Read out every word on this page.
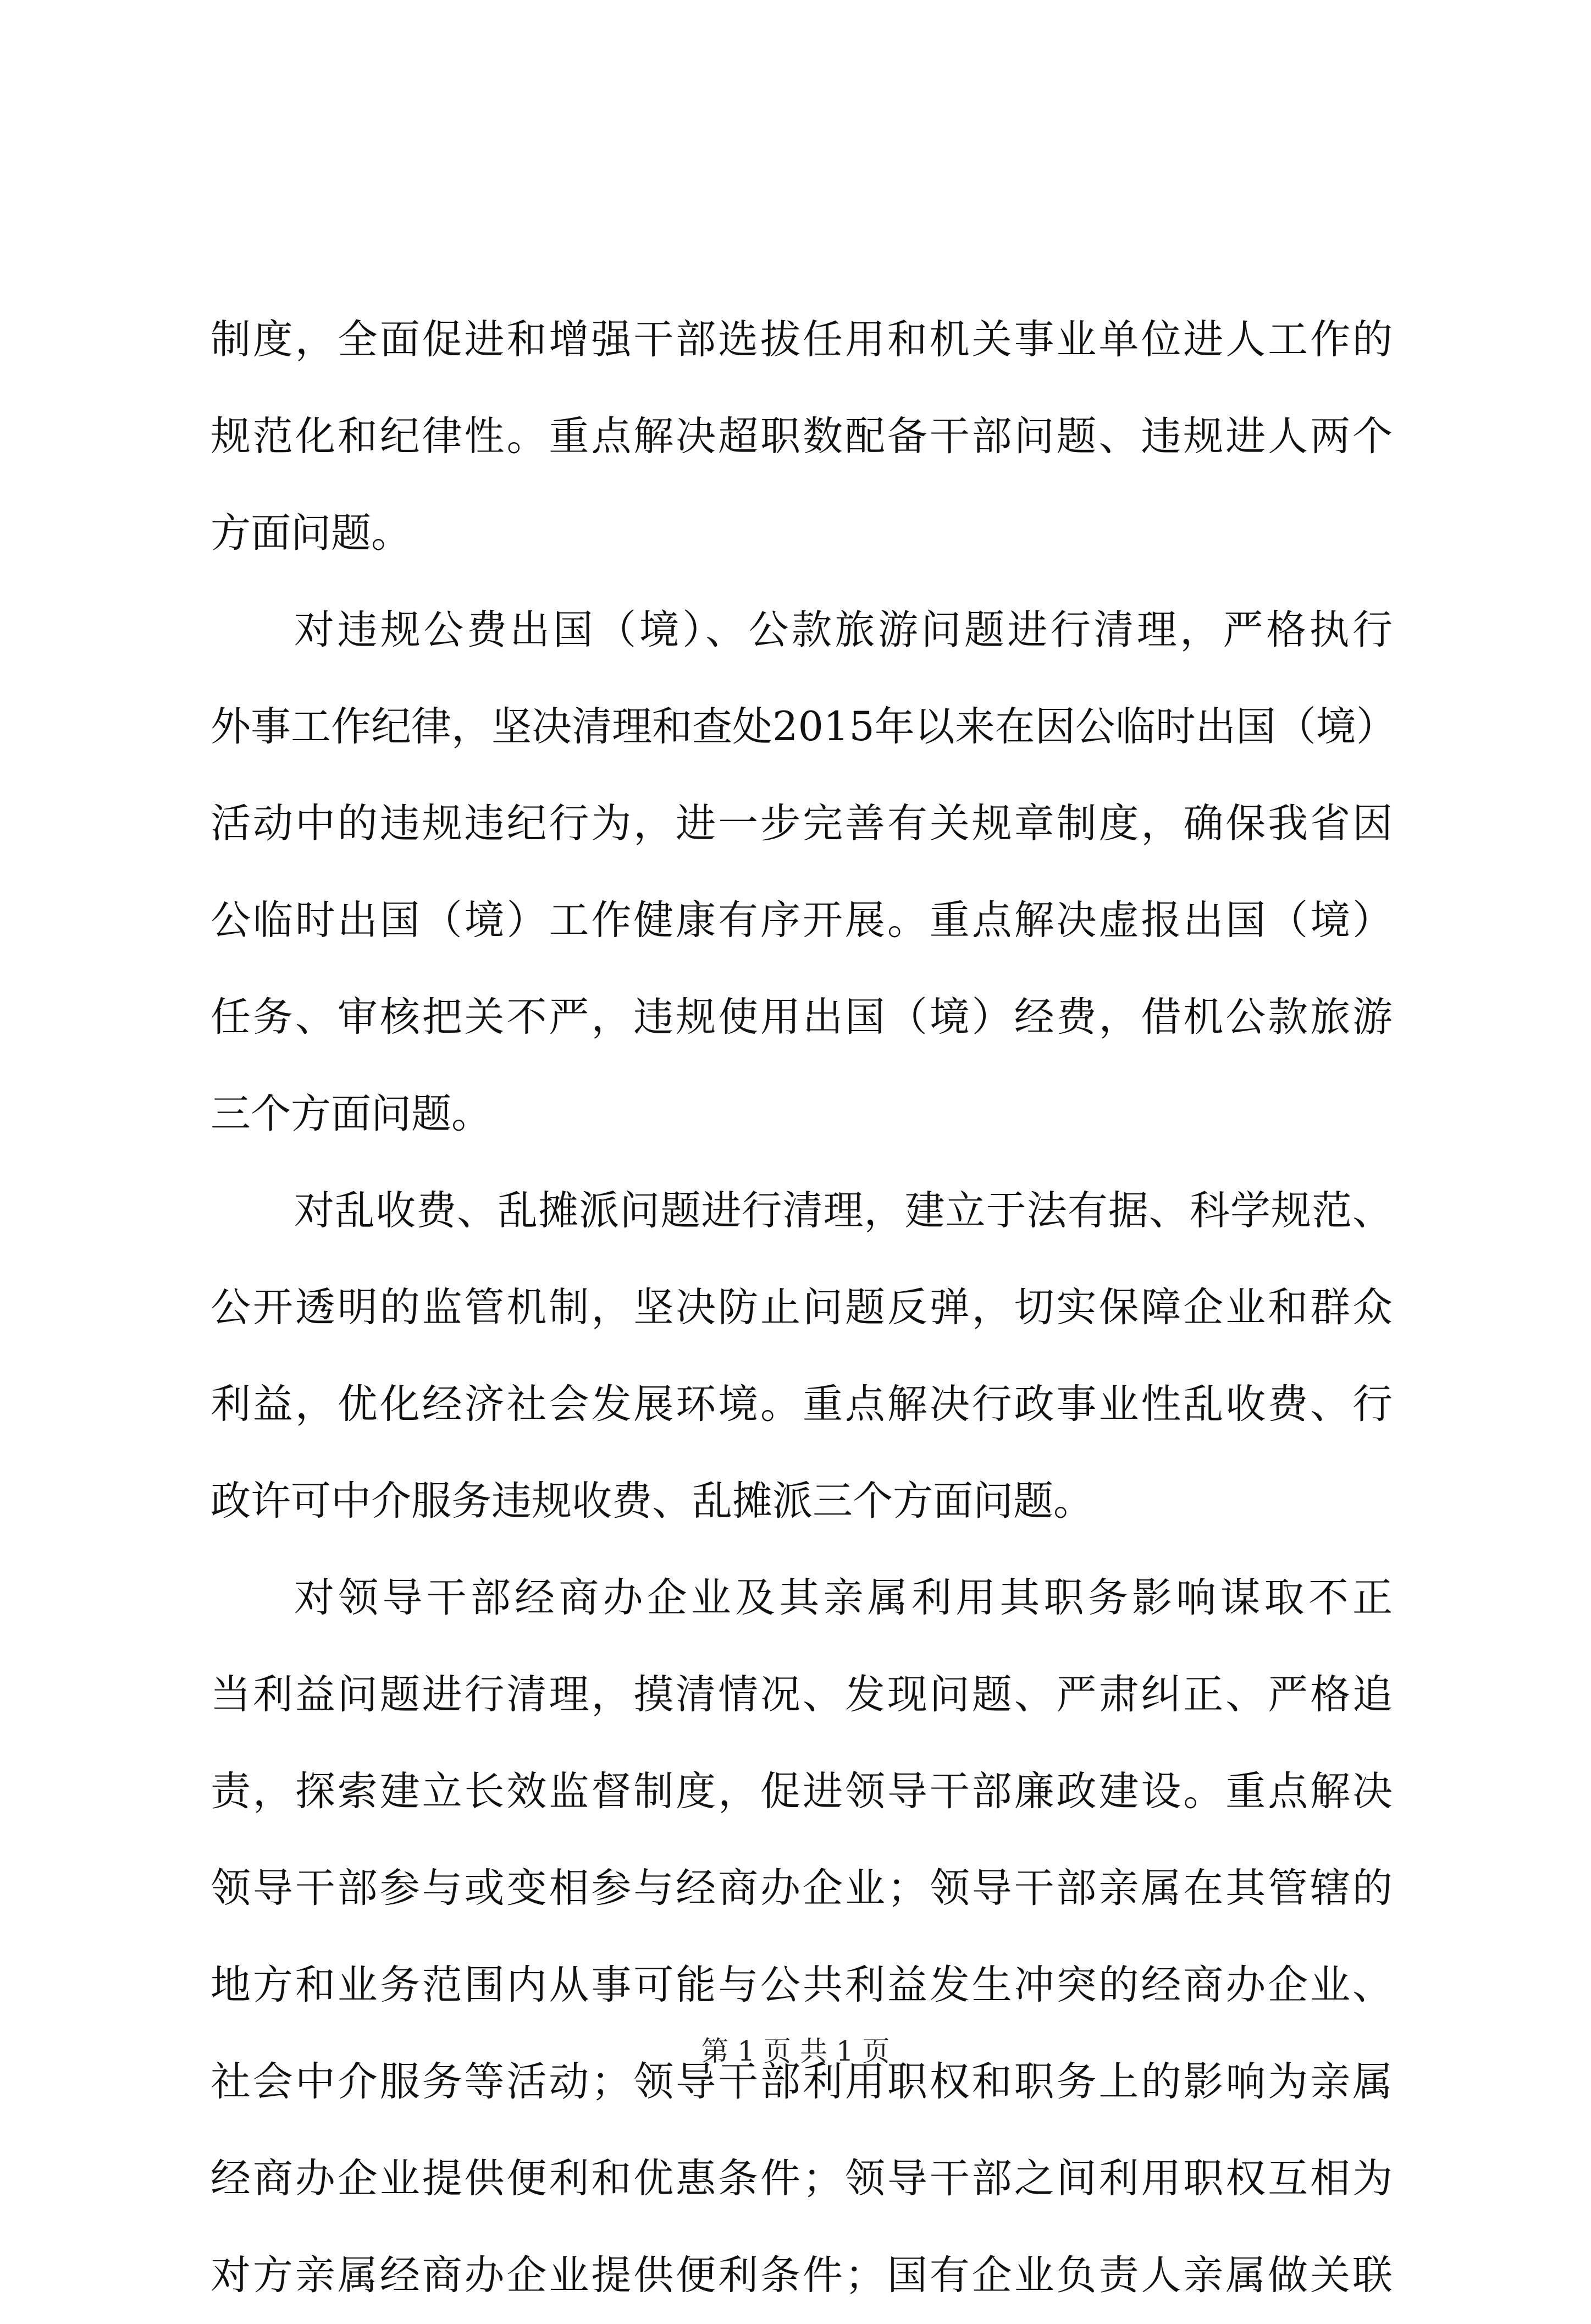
制度，全面促进和增强干部选拔任用和机关事业单位进人工作的
规范化和纪律性。重点解决超职数配备干部问题、违规进人两个
方面问题。
对违规公费出国（境）、公款旅游问题进行清理，严格执行
外事工作纪律，坚决清理和查处2015年以来在因公临时出国（境）
活动中的违规违纪行为，进一步完善有关规章制度，确保我省因
公临时出国（境）工作健康有序开展。重点解决虚报出国（境）
任务、审核把关不严，违规使用出国（境）经费，借机公款旅游
三个方面问题。
对乱收费、乱摊派问题进行清理，建立于法有据、科学规范、
公开透明的监管机制，坚决防止问题反弹，切实保障企业和群众
利益，优化经济社会发展环境。重点解决行政事业性乱收费、行
政许可中介服务违规收费、乱摊派三个方面问题。
对领导干部经商办企业及其亲属利用其职务影响谋取不正
当利益问题进行清理，摸清情况、发现问题、严肃纠正、严格追
责，探索建立长效监督制度，促进领导干部廉政建设。重点解决
领导干部参与或变相参与经商办企业；领导干部亲属在其管辖的
地方和业务范围内从事可能与公共利益发生冲突的经商办企业、
社会中介服务等活动；领导干部利用职权和职务上的影响为亲属
经商办企业提供便利和优惠条件；领导干部之间利用职权互相为
对方亲属经商办企业提供便利条件；国有企业负责人亲属做关联
第 1 页 共 1 页
